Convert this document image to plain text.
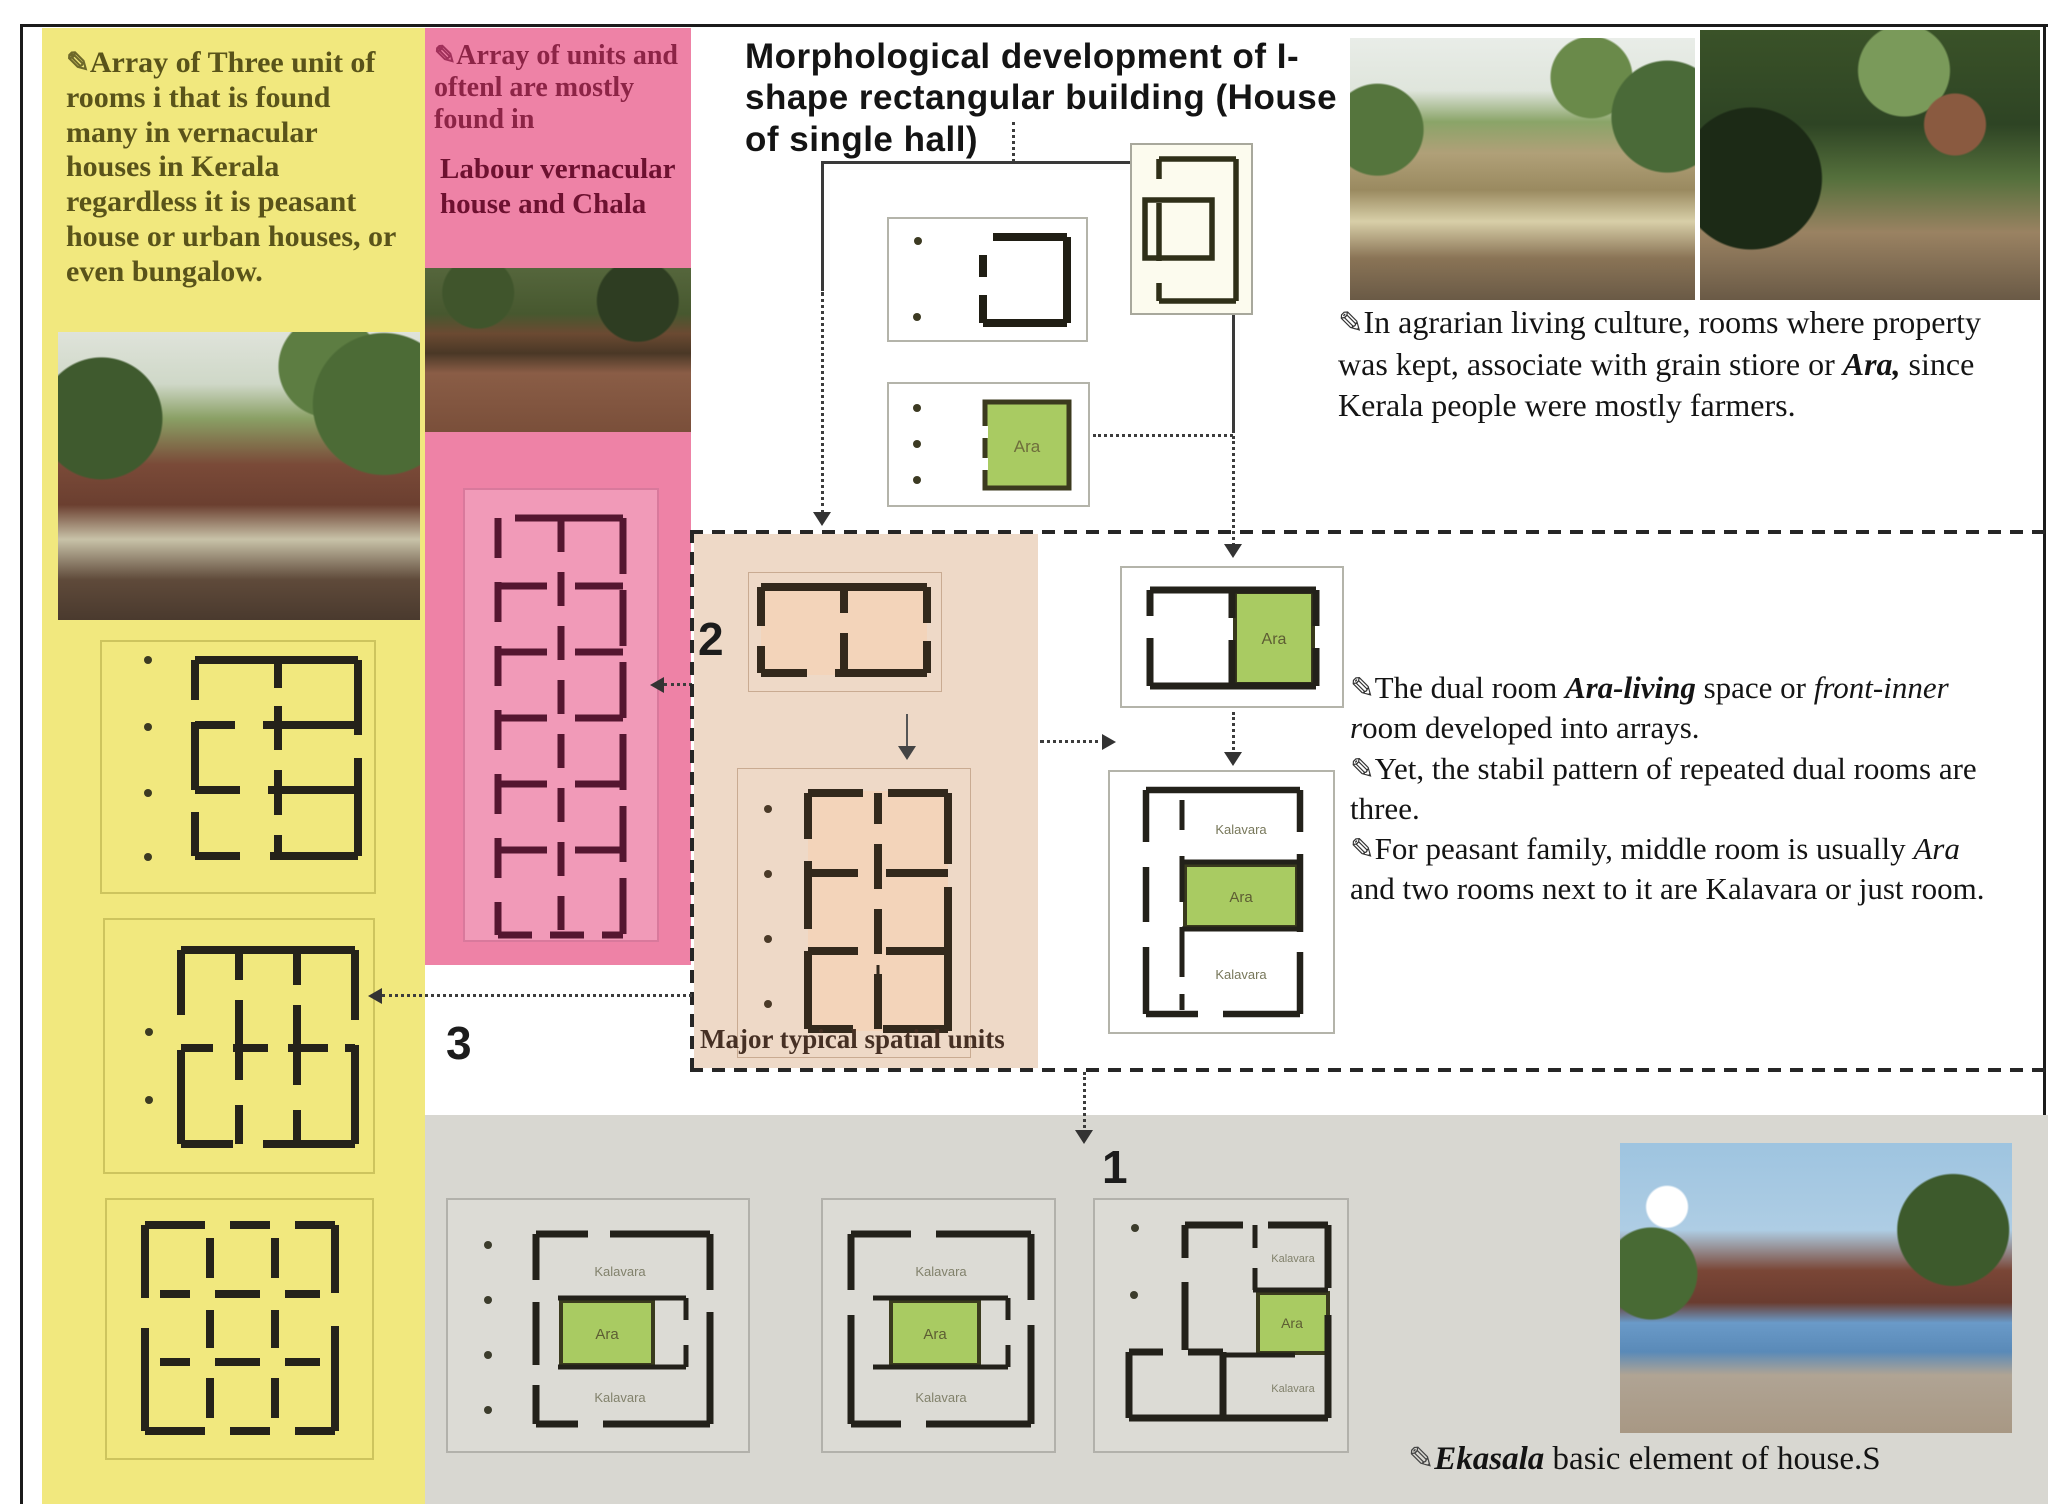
✎Array of Three unit of rooms i that is found many in vernacular houses in Kerala regardless it is peasant house or urban houses, or even bungalow.
✎Array of units and oftenl are mostly found in
Labour vernacular house and Chala
Morphological development of I-shape rectangular building (House of single hall)
Ara
✎In agrarian living culture, rooms where property was kept, associate with grain stiore or Ara, since Kerala people were mostly farmers.
2
Major typical spatial units
Ara
Kalavara
Ara
Kalavara
✎The dual room Ara-living space or front-inner room developed into arrays.
✎Yet, the stabil pattern of repeated dual rooms are three.
✎For peasant family, middle room is usually Ara and two rooms next to it are Kalavara or just room.
3
1
Kalavara
Ara
Kalavara
Kalavara
Ara
Kalavara
Kalavara
Ara
Kalavara
✎Ekasala basic element of house.S
